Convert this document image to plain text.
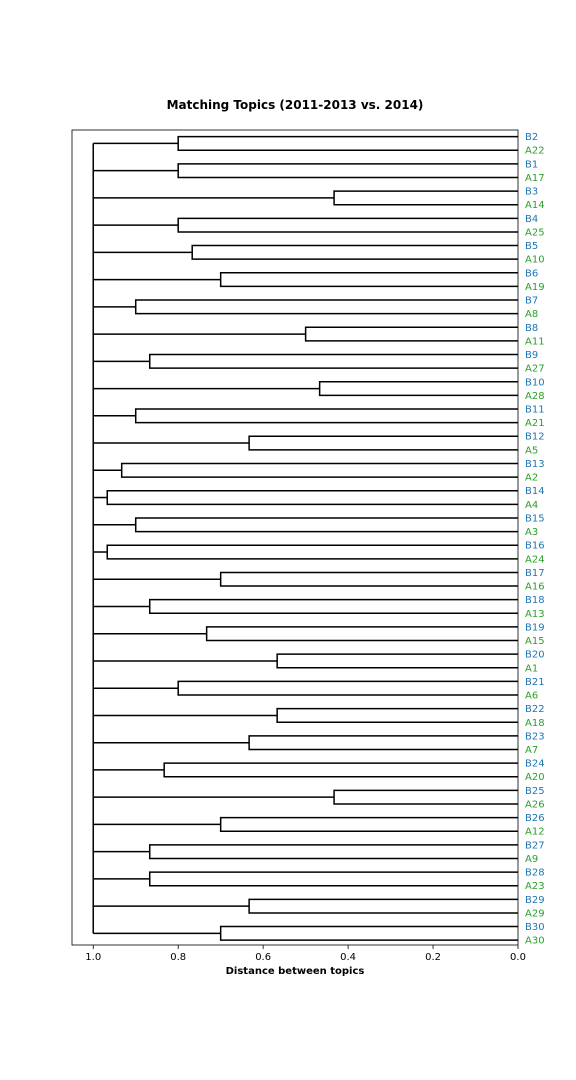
Matching Topics (2011-2013 vs. 2014)
1.0	0.8	0.6	0.4	0.2	0.0
B2
A22
B1
A17
B3
A14
B4
A25
B5
A10
B6
A19
B7
A8
B8
A11
B9
A27
B10
A28
B11
A21
B12
A5
B13
A2
B14
A4
B15
A3
B16
A24
B17
A16
B18
A13
B19
A15
B20
A1
B21
A6
B22
A18
B23
A7
B24
A20
B25
A26
B26
A12
B27
A9
B28
A23
B29
A29
B30
A30
Distance between topics
